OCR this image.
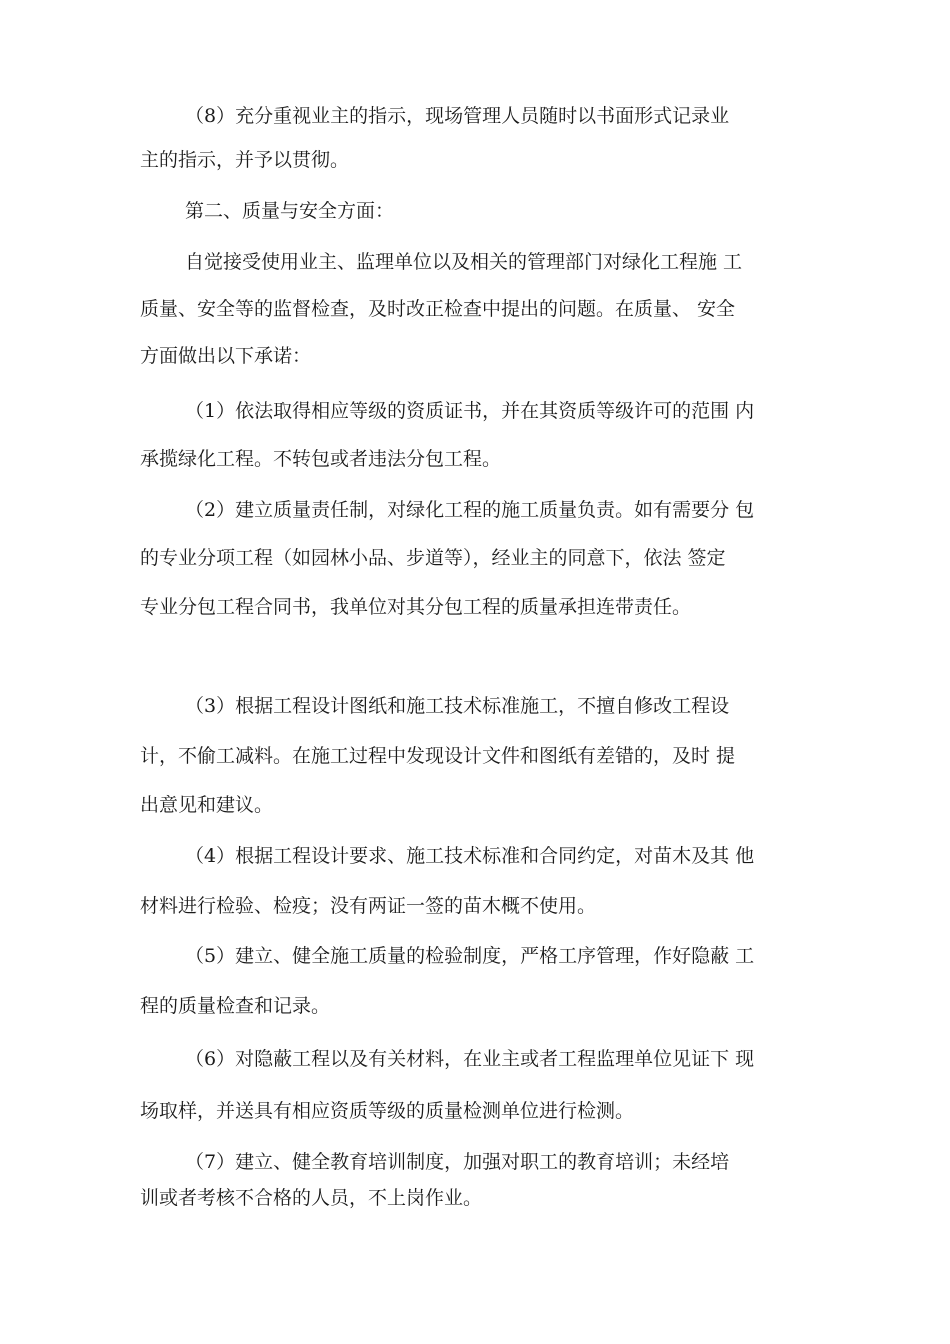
（8）充分重视业主的指示，现场管理人员随时以书面形式记录业
主的指示，并予以贯彻。
第二、质量与安全方面：
自觉接受使用业主、监理单位以及相关的管理部门对绿化工程施 工
质量、安全等的监督检查，及时改正检查中提出的问题。在质量、 安全
方面做出以下承诺：
（1）依法取得相应等级的资质证书，并在其资质等级许可的范围 内
承揽绿化工程。不转包或者违法分包工程。
（2）建立质量责任制，对绿化工程的施工质量负责。如有需要分 包
的专业分项工程（如园林小品、步道等），经业主的同意下，依法 签定
专业分包工程合同书，我单位对其分包工程的质量承担连带责任。
（3）根据工程设计图纸和施工技术标准施工，不擅自修改工程设
计，不偷工减料。在施工过程中发现设计文件和图纸有差错的，及时 提
出意见和建议。
（4）根据工程设计要求、施工技术标准和合同约定，对苗木及其 他
材料进行检验、检疫；没有两证一签的苗木概不使用。
（5）建立、健全施工质量的检验制度，严格工序管理，作好隐蔽 工
程的质量检查和记录。
（6）对隐蔽工程以及有关材料，在业主或者工程监理单位见证下 现
场取样，并送具有相应资质等级的质量检测单位进行检测。
（7）建立、健全教育培训制度，加强对职工的教育培训；未经培
训或者考核不合格的人员，不上岗作业。
